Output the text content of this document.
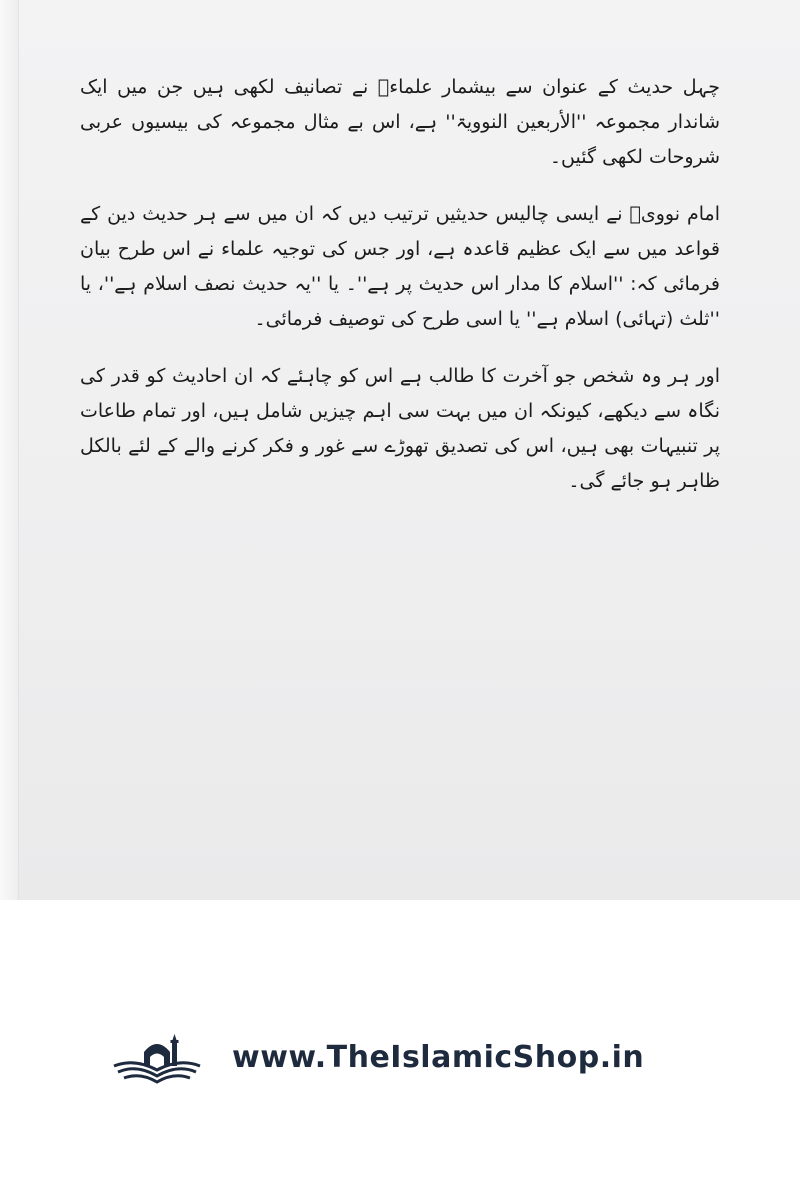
چہل حدیث کے عنوان سے بیشمار علماءؒ نے تصانیف لکھی ہیں جن میں ایک شاندار مجموعہ ''الأربعین النوویۃ'' ہے، اس بے مثال مجموعہ کی بیسیوں عربی شروحات لکھی گئیں۔

امام نوویؒ نے ایسی چالیس حدیثیں ترتیب دیں کہ ان میں سے ہر حدیث دین کے قواعد میں سے ایک عظیم قاعدہ ہے، اور جس کی توجیہ علماء نے اس طرح بیان فرمائی کہ: ''اسلام کا مدار اس حدیث پر ہے''۔ یا ''یہ حدیث نصف اسلام ہے''، یا ''ثلث (تہائی) اسلام ہے'' یا اسی طرح کی توصیف فرمائی۔

اور ہر وہ شخص جو آخرت کا طالب ہے اس کو چاہئے کہ ان احادیث کو قدر کی نگاہ سے دیکھے، کیونکہ ان میں بہت سی اہم چیزیں شامل ہیں، اور تمام طاعات پر تنبیہات بھی ہیں، اس کی تصدیق تھوڑے سے غور و فکر کرنے والے کے لئے بالکل ظاہر ہو جائے گی۔

www.TheIslamicShop.in
